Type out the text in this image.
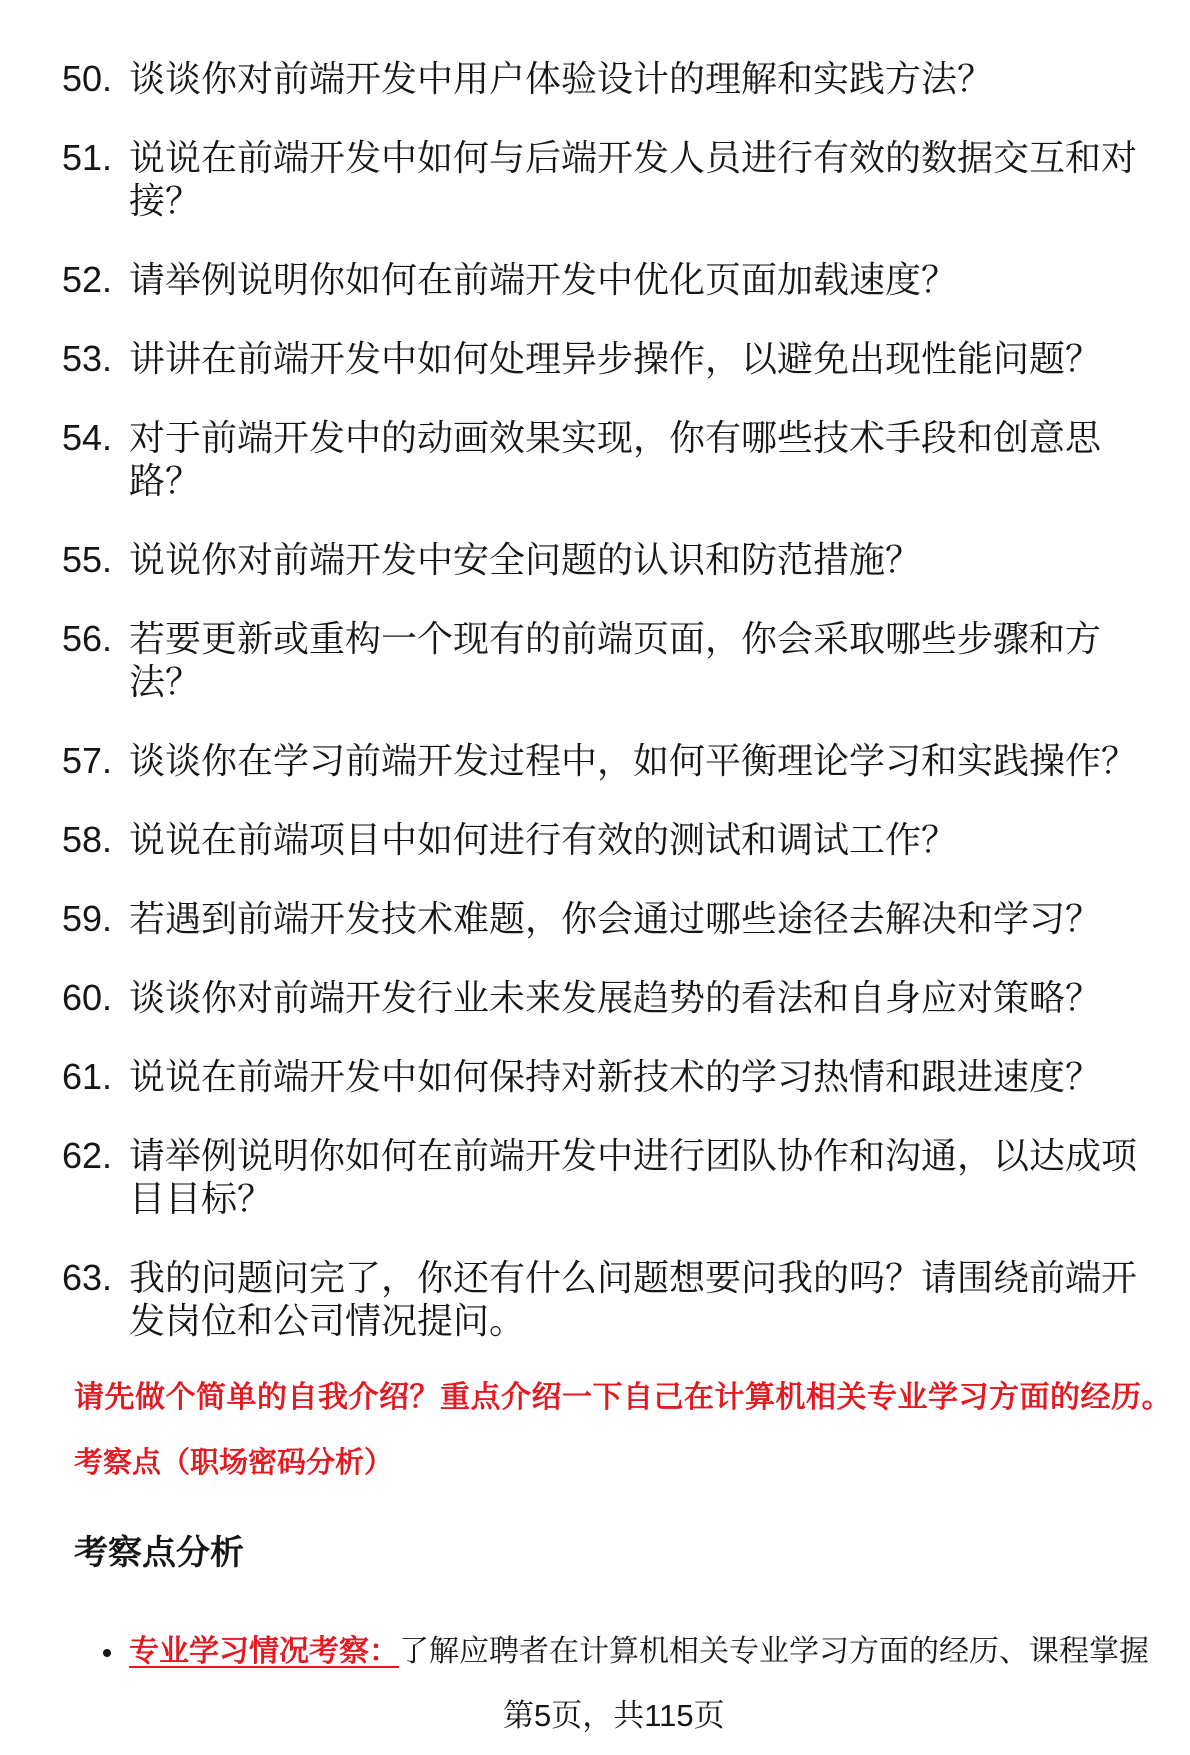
50. 谈谈你对前端开发中用户体验设计的理解和实践方法？
51. 说说在前端开发中如何与后端开发人员进行有效的数据交互和对接？
52. 请举例说明你如何在前端开发中优化页面加载速度？
53. 讲讲在前端开发中如何处理异步操作，以避免出现性能问题？
54. 对于前端开发中的动画效果实现，你有哪些技术手段和创意思路？
55. 说说你对前端开发中安全问题的认识和防范措施？
56. 若要更新或重构一个现有的前端页面，你会采取哪些步骤和方法？
57. 谈谈你在学习前端开发过程中，如何平衡理论学习和实践操作？
58. 说说在前端项目中如何进行有效的测试和调试工作？
59. 若遇到前端开发技术难题，你会通过哪些途径去解决和学习？
60. 谈谈你对前端开发行业未来发展趋势的看法和自身应对策略？
61. 说说在前端开发中如何保持对新技术的学习热情和跟进速度？
62. 请举例说明你如何在前端开发中进行团队协作和沟通，以达成项目目标？
63. 我的问题问完了，你还有什么问题想要问我的吗？请围绕前端开发岗位和公司情况提问。
请先做个简单的自我介绍？重点介绍一下自己在计算机相关专业学习方面的经历。
考察点（职场密码分析）
考察点分析
专业学习情况考察：了解应聘者在计算机相关专业学习方面的经历、课程掌握
第5页，共115页
